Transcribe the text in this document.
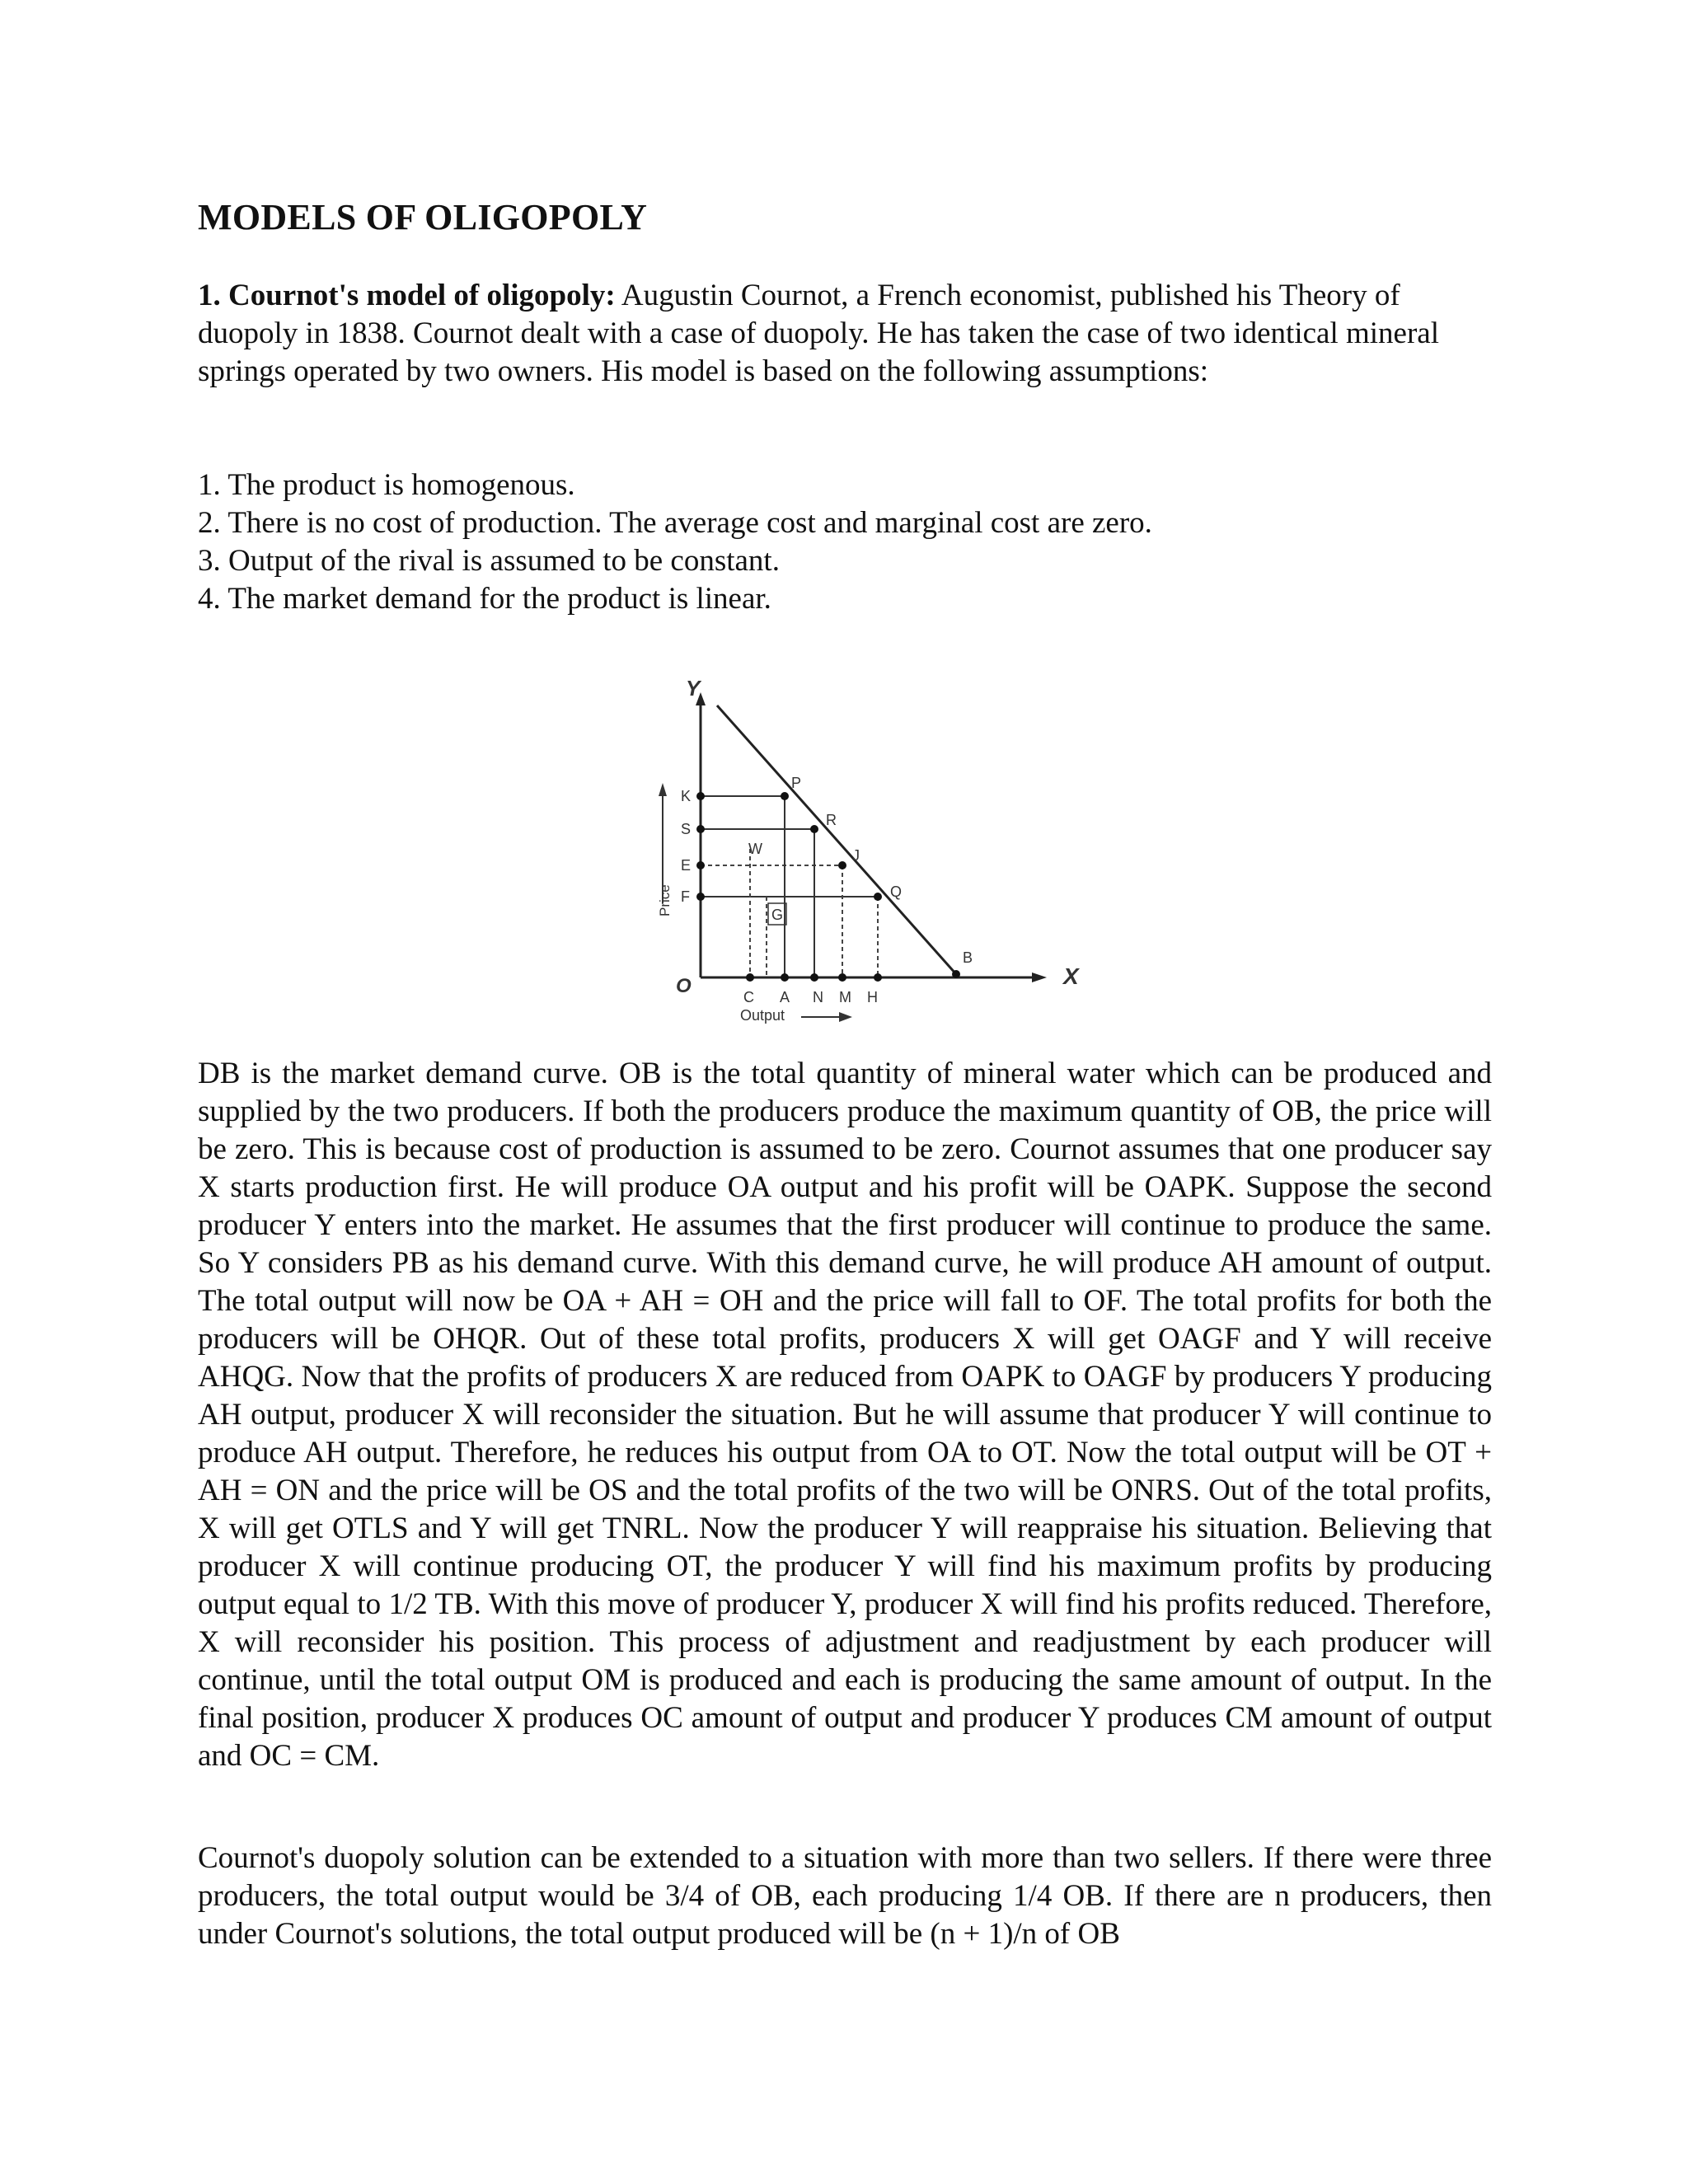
MODELS OF OLIGOPOLY

1. Cournot's model of oligopoly: Augustin Cournot, a French economist, published his Theory of duopoly in 1838. Cournot dealt with a case of duopoly. He has taken the case of two identical mineral springs operated by two owners. His model is based on the following assumptions:

1. The product is homogenous.
2. There is no cost of production. The average cost and marginal cost are zero.
3. Output of the rival is assumed to be constant.
4. The market demand for the product is linear.
Y
X
O
P
R
J
Q
B
K
S
E
F
C A N M H
W
G
Price
Output

DB is the market demand curve. OB is the total quantity of mineral water which can be produced and supplied by the two producers. If both the producers produce the maximum quantity of OB, the price will be zero. This is because cost of production is assumed to be zero. Cournot assumes that one producer say X starts production first. He will produce OA output and his profit will be OAPK. Suppose the second producer Y enters into the market. He assumes that the first producer will continue to produce the same. So Y considers PB as his demand curve. With this demand curve, he will produce AH amount of output. The total output will now be OA + AH = OH and the price will fall to OF. The total profits for both the producers will be OHQR. Out of these total profits, producers X will get OAGF and Y will receive AHQG. Now that the profits of producers X are reduced from OAPK to OAGF by producers Y producing AH output, producer X will reconsider the situation. But he will assume that producer Y will continue to produce AH output. Therefore, he reduces his output from OA to OT. Now the total output will be OT + AH = ON and the price will be OS and the total profits of the two will be ONRS. Out of the total profits, X will get OTLS and Y will get TNRL. Now the producer Y will reappraise his situation. Believing that producer X will continue producing OT, the producer Y will find his maximum profits by producing output equal to 1/2 TB. With this move of producer Y, producer X will find his profits reduced. Therefore, X will reconsider his position. This process of adjustment and readjustment by each producer will continue, until the total output OM is produced and each is producing the same amount of output. In the final position, producer X produces OC amount of output and producer Y produces CM amount of output and OC = CM.

Cournot's duopoly solution can be extended to a situation with more than two sellers. If there were three producers, the total output would be 3/4 of OB, each producing 1/4 OB. If there are n producers, then under Cournot's solutions, the total output produced will be (n + 1)/n of OB
